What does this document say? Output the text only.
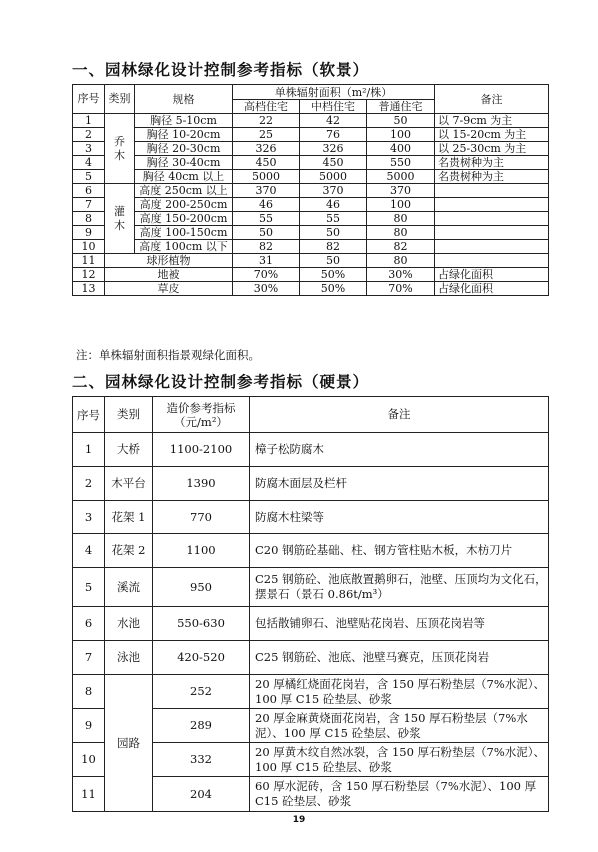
一、园林绿化设计控制参考指标（软景）
序号	类别	规格	单株辐射面积（m²/株）			备注
			高档住宅	中档住宅	普通住宅	
1	乔木	胸径 5-10cm	22	42	50	以 7-9cm 为主
2		胸径 10-20cm	25	76	100	以 15-20cm 为主
3		胸径 20-30cm	326	326	400	以 25-30cm 为主
4		胸径 30-40cm	450	450	550	名贵树种为主
5		胸径 40cm 以上	5000	5000	5000	名贵树种为主
6	灌木	高度 250cm 以上	370	370	370	
7		高度 200-250cm	46	46	100	
8		高度 150-200cm	55	55	80	
9		高度 100-150cm	50	50	80	
10		高度 100cm 以下	82	82	82	
11	球形植物		31	50	80	
12	地被		70%	50%	30%	占绿化面积
13	草皮		30%	50%	70%	占绿化面积
注：单株辐射面积指景观绿化面积。
二、园林绿化设计控制参考指标（硬景）
序号	类别	造价参考指标（元/m²）	备注
1	大桥	1100-2100	樟子松防腐木
2	木平台	1390	防腐木面层及栏杆
3	花架 1	770	防腐木柱梁等
4	花架 2	1100	C20 钢筋砼基础、柱、钢方管柱贴木板，木枋刀片
5	溪流	950	C25 钢筋砼、池底散置鹅卵石，池壁、压顶均为文化石，摆景石（景石 0.86t/m³）
6	水池	550-630	包括散铺卵石、池壁贴花岗岩、压顶花岗岩等
7	泳池	420-520	C25 钢筋砼、池底、池壁马赛克，压顶花岗岩
8	园路	252	20 厚橘红烧面花岗岩，含 150 厚石粉垫层（7%水泥）、100 厚 C15 砼垫层、砂浆
9		289	20 厚金麻黄烧面花岗岩，含 150 厚石粉垫层（7%水泥）、100 厚 C15 砼垫层、砂浆
10		332	20 厚黄木纹自然冰裂，含 150 厚石粉垫层（7%水泥）、100 厚 C15 砼垫层、砂浆
11		204	60 厚水泥砖，含 150 厚石粉垫层（7%水泥）、100 厚 C15 砼垫层、砂浆
19
